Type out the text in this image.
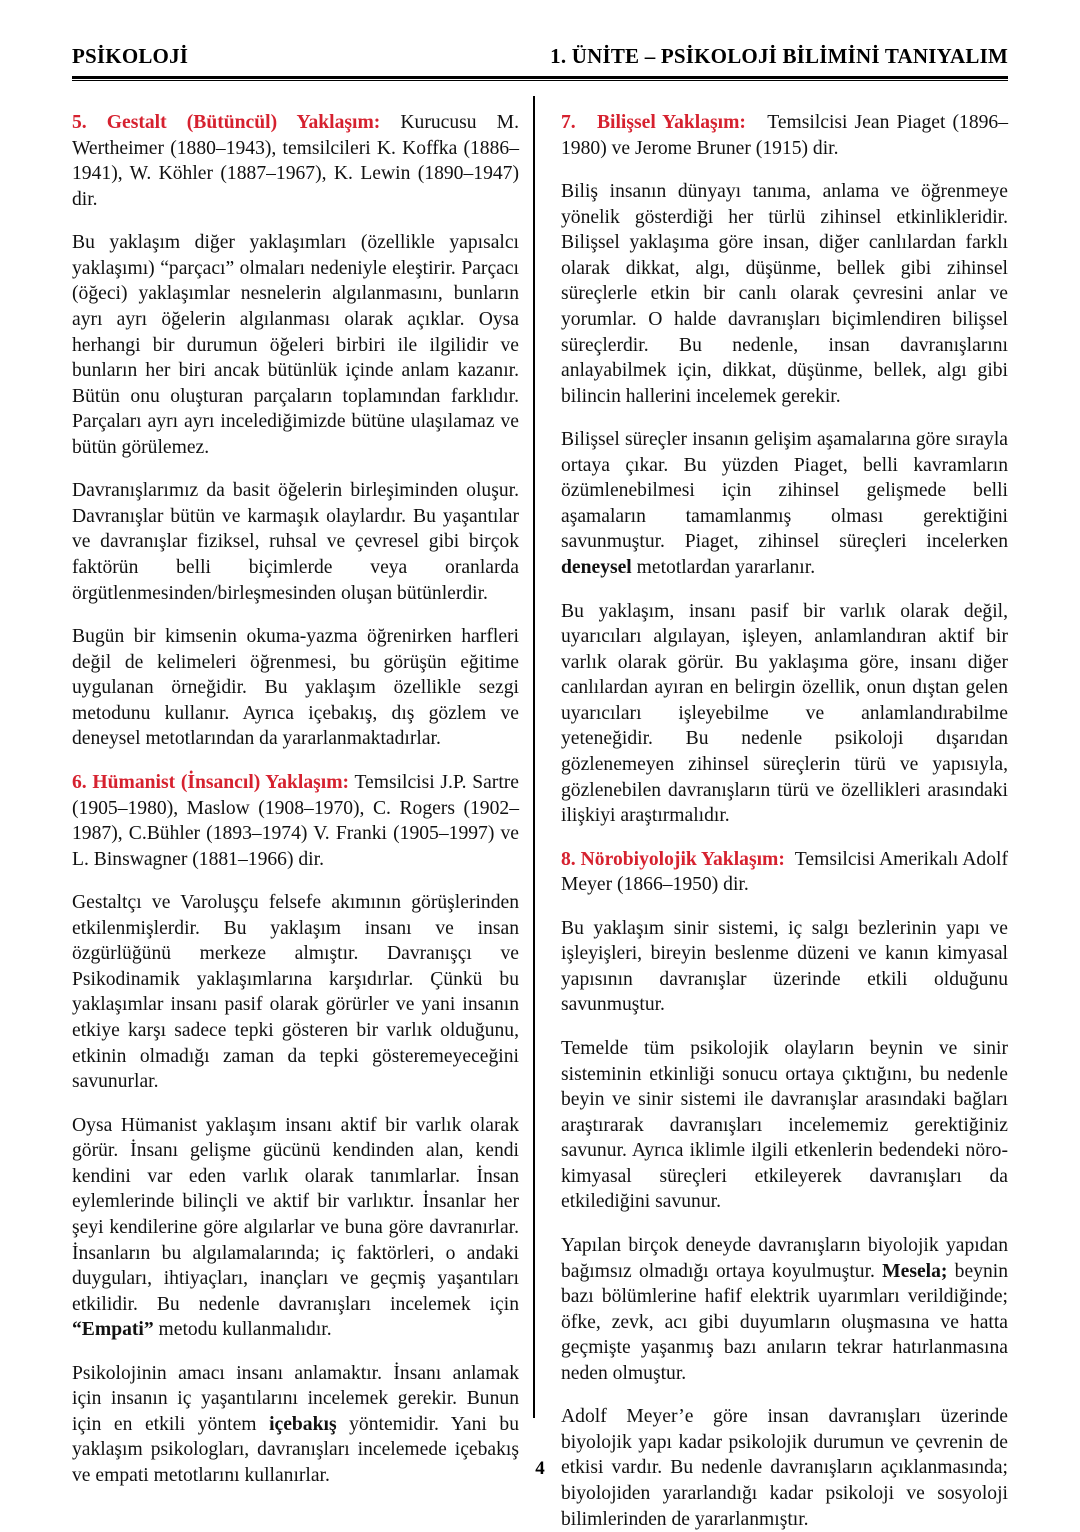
PSİKOLOJİ	1. ÜNİTE – PSİKOLOJİ BİLİMİNİ TANIYALIM

5. Gestalt (Bütüncül) Yaklaşım: Kurucusu M. Wertheimer (1880–1943), temsilcileri K. Koffka (1886–1941), W. Köhler (1887–1967), K. Lewin (1890–1947) dir.

Bu yaklaşım diğer yaklaşımları (özellikle yapısalcı yaklaşımı) “parçacı” olmaları nedeniyle eleştirir. Parçacı (öğeci) yaklaşımlar nesnelerin algılanmasını, bunların ayrı ayrı öğelerin algılanması olarak açıklar. Oysa herhangi bir durumun öğeleri birbiri ile ilgilidir ve bunların her biri ancak bütünlük içinde anlam kazanır. Bütün onu oluşturan parçaların toplamından farklıdır. Parçaları ayrı ayrı incelediğimizde bütüne ulaşılamaz ve bütün görülemez.

Davranışlarımız da basit öğelerin birleşiminden oluşur. Davranışlar bütün ve karmaşık olaylardır. Bu yaşantılar ve davranışlar fiziksel, ruhsal ve çevresel gibi birçok faktörün belli biçimlerde veya oranlarda örgütlenmesinden/birleşmesinden oluşan bütünlerdir.

Bugün bir kimsenin okuma-yazma öğrenirken harfleri değil de kelimeleri öğrenmesi, bu görüşün eğitime uygulanan örneğidir. Bu yaklaşım özellikle sezgi metodunu kullanır. Ayrıca içebakış, dış gözlem ve deneysel metotlarından da yararlanmaktadırlar.

6. Hümanist (İnsancıl) Yaklaşım: Temsilcisi J.P. Sartre (1905–1980), Maslow (1908–1970), C. Rogers (1902–1987), C.Bühler (1893–1974) V. Franki (1905–1997) ve L. Binswagner (1881–1966) dir.

Gestaltçı ve Varoluşçu felsefe akımının görüşlerinden etkilenmişlerdir. Bu yaklaşım insanı ve insan özgürlüğünü merkeze almıştır. Davranışçı ve Psikodinamik yaklaşımlarına karşıdırlar. Çünkü bu yaklaşımlar insanı pasif olarak görürler ve yani insanın etkiye karşı sadece tepki gösteren bir varlık olduğunu, etkinin olmadığı zaman da tepki gösteremeyeceğini savunurlar.

Oysa Hümanist yaklaşım insanı aktif bir varlık olarak görür. İnsanı gelişme gücünü kendinden alan, kendi kendini var eden varlık olarak tanımlarlar. İnsan eylemlerinde bilinçli ve aktif bir varlıktır. İnsanlar her şeyi kendilerine göre algılarlar ve buna göre davranırlar. İnsanların bu algılamalarında; iç faktörleri, o andaki duyguları, ihtiyaçları, inançları ve geçmiş yaşantıları etkilidir. Bu nedenle davranışları incelemek için “Empati” metodu kullanmalıdır.

Psikolojinin amacı insanı anlamaktır. İnsanı anlamak için insanın iç yaşantılarını incelemek gerekir. Bunun için en etkili yöntem içebakış yöntemidir. Yani bu yaklaşım psikologları, davranışları incelemede içebakış ve empati metotlarını kullanırlar.

7. Bilişsel Yaklaşım: Temsilcisi Jean Piaget (1896–1980) ve Jerome Bruner (1915) dir.

Biliş insanın dünyayı tanıma, anlama ve öğrenmeye yönelik gösterdiği her türlü zihinsel etkinlikleridir. Bilişsel yaklaşıma göre insan, diğer canlılardan farklı olarak dikkat, algı, düşünme, bellek gibi zihinsel süreçlerle etkin bir canlı olarak çevresini anlar ve yorumlar. O halde davranışları biçimlendiren bilişsel süreçlerdir. Bu nedenle, insan davranışlarını anlayabilmek için, dikkat, düşünme, bellek, algı gibi bilincin hallerini incelemek gerekir.

Bilişsel süreçler insanın gelişim aşamalarına göre sırayla ortaya çıkar. Bu yüzden Piaget, belli kavramların özümlenebilmesi için zihinsel gelişmede belli aşamaların tamamlanmış olması gerektiğini savunmuştur. Piaget, zihinsel süreçleri incelerken deneysel metotlardan yararlanır.

Bu yaklaşım, insanı pasif bir varlık olarak değil, uyarıcıları algılayan, işleyen, anlamlandıran aktif bir varlık olarak görür. Bu yaklaşıma göre, insanı diğer canlılardan ayıran en belirgin özellik, onun dıştan gelen uyarıcıları işleyebilme ve anlamlandırabilme yeteneğidir. Bu nedenle psikoloji dışarıdan gözlenemeyen zihinsel süreçlerin türü ve yapısıyla, gözlenebilen davranışların türü ve özellikleri arasındaki ilişkiyi araştırmalıdır.

8. Nörobiyolojik Yaklaşım: Temsilcisi Amerikalı Adolf Meyer (1866–1950) dir.

Bu yaklaşım sinir sistemi, iç salgı bezlerinin yapı ve işleyişleri, bireyin beslenme düzeni ve kanın kimyasal yapısının davranışlar üzerinde etkili olduğunu savunmuştur.

Temelde tüm psikolojik olayların beynin ve sinir sisteminin etkinliği sonucu ortaya çıktığını, bu nedenle beyin ve sinir sistemi ile davranışlar arasındaki bağları araştırarak davranışları incelememiz gerektiğiniz savunur. Ayrıca iklimle ilgili etkenlerin bedendeki nöro-kimyasal süreçleri etkileyerek davranışları da etkilediğini savunur.

Yapılan birçok deneyde davranışların biyolojik yapıdan bağımsız olmadığı ortaya koyulmuştur. Mesela; beynin bazı bölümlerine hafif elektrik uyarımları verildiğinde; öfke, zevk, acı gibi duyumların oluşmasına ve hatta geçmişte yaşanmış bazı anıların tekrar hatırlanmasına neden olmuştur.

Adolf Meyer’e göre insan davranışları üzerinde biyolojik yapı kadar psikolojik durumun ve çevrenin de etkisi vardır. Bu nedenle davranışların açıklanmasında; biyolojiden yararlandığı kadar psikoloji ve sosyoloji bilimlerinden de yararlanmıştır.

4
